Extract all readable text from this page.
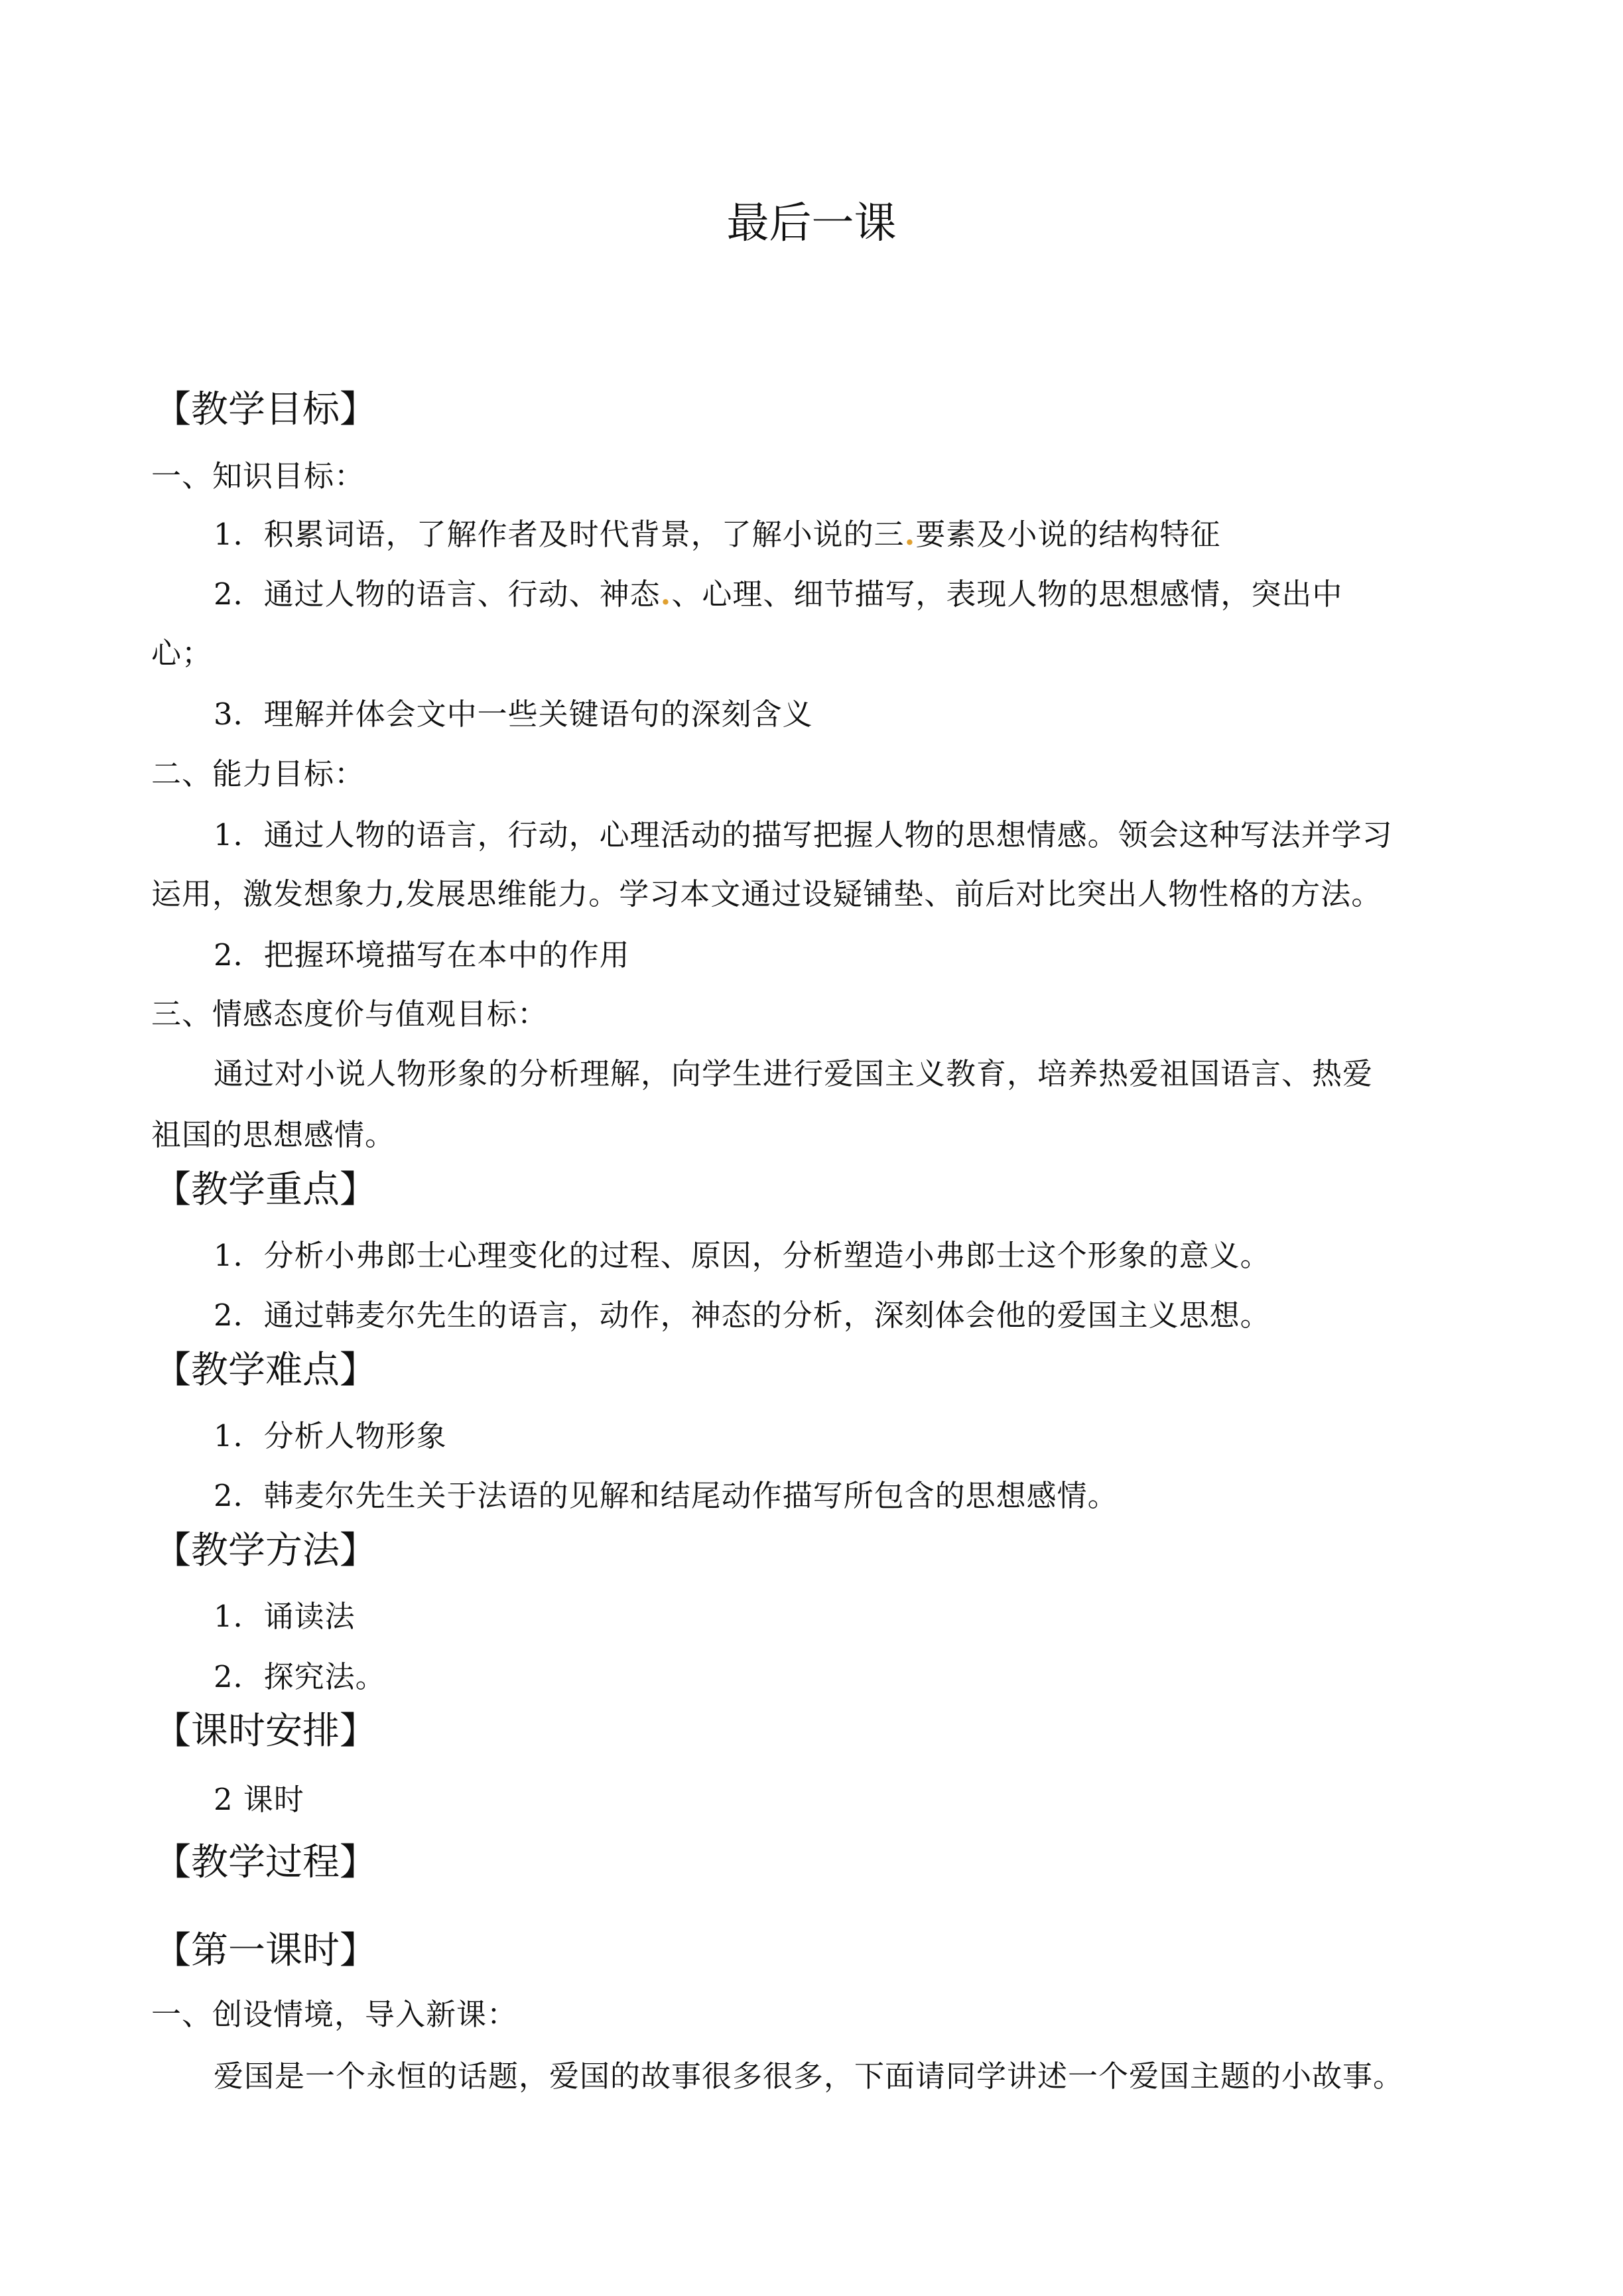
最后一课
【教学目标】
一、知识目标：
1．积累词语，了解作者及时代背景，了解小说的三.要素及小说的结构特征
2．通过人物的语言、行动、神态.、心理、细节描写，表现人物的思想感情，突出中
心；
3．理解并体会文中一些关键语句的深刻含义
二、能力目标：
1．通过人物的语言，行动，心理活动的描写把握人物的思想情感。领会这种写法并学习
运用，激发想象力,发展思维能力。学习本文通过设疑铺垫、前后对比突出人物性格的方法。
2．把握环境描写在本中的作用
三、情感态度价与值观目标：
通过对小说人物形象的分析理解，向学生进行爱国主义教育，培养热爱祖国语言、热爱
祖国的思想感情。
【教学重点】
1．分析小弗郎士心理变化的过程、原因，分析塑造小弗郎士这个形象的意义。
2．通过韩麦尔先生的语言，动作，神态的分析，深刻体会他的爱国主义思想。
【教学难点】
1．分析人物形象
2．韩麦尔先生关于法语的见解和结尾动作描写所包含的思想感情。
【教学方法】
1．诵读法
2．探究法。
【课时安排】
2 课时
【教学过程】
【第一课时】
一、创设情境，导入新课：
爱国是一个永恒的话题，爱国的故事很多很多，下面请同学讲述一个爱国主题的小故事。
